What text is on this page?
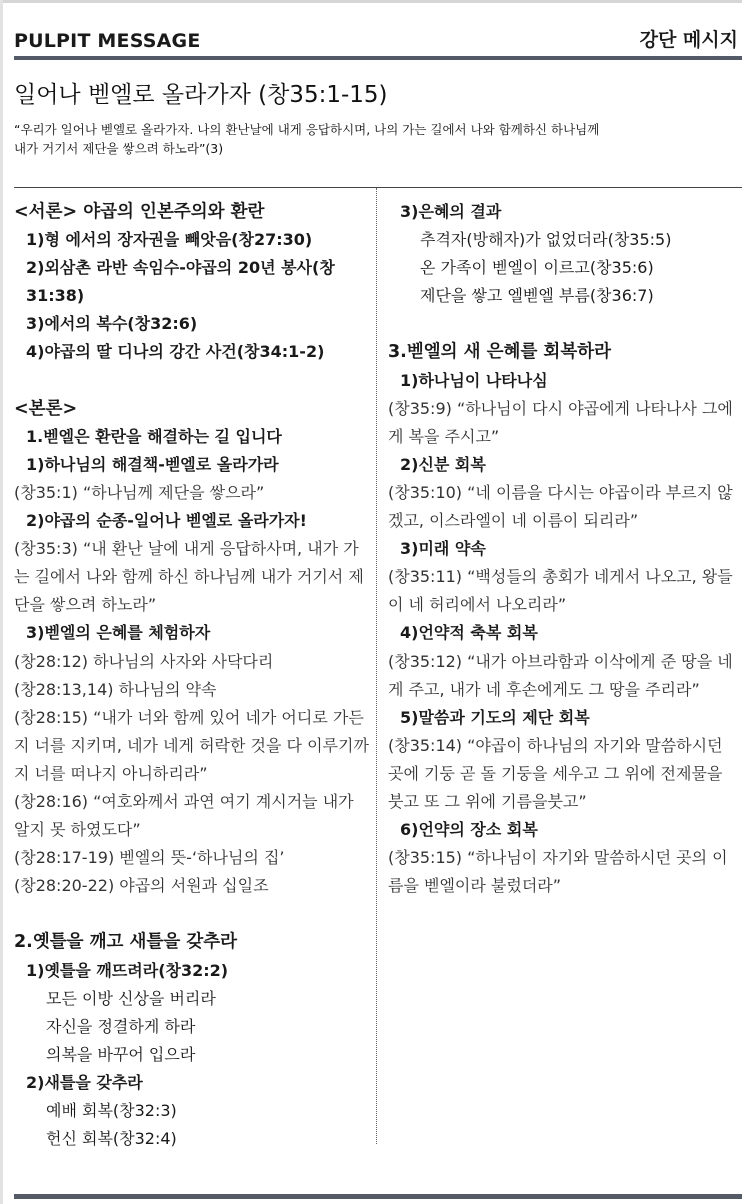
PULPIT MESSAGE	강단 메시지
일어나 벧엘로 올라가자 (창35:1-15)
“우리가 일어나 벧엘로 올라가자. 나의 환난날에 내게 응답하시며, 나의 가는 길에서 나와 함께하신 하나님께
내가 거기서 제단을 쌓으려 하노라”(3)
<서론> 야곱의 인본주의와 환란
1)형 에서의 장자권을 빼앗음(창27:30)
2)외삼촌 라반 속임수-야곱의 20년 봉사(창31:38)
3)에서의 복수(창32:6)
4)야곱의 딸 디나의 강간 사건(창34:1-2)
<본론>
1.벧엘은 환란을 해결하는 길 입니다
1)하나님의 해결책-벧엘로 올라가라
(창35:1) “하나님께 제단을 쌓으라”
2)야곱의 순종-일어나 벧엘로 올라가자!
(창35:3) “내 환난 날에 내게 응답하사며, 내가 가는 길에서 나와 함께 하신 하나님께 내가 거기서 제단을 쌓으려 하노라”
3)벧엘의 은혜를 체험하자
(창28:12) 하나님의 사자와 사닥다리
(창28:13,14) 하나님의 약속
(창28:15) “내가 너와 함께 있어 네가 어디로 가든지 너를 지키며, 네가 네게 허락한 것을 다 이루기까지 너를 떠나지 아니하리라”
(창28:16) “여호와께서 과연 여기 계시거늘 내가 알지 못 하였도다”
(창28:17-19) 벧엘의 뜻-‘하나님의 집’
(창28:20-22) 야곱의 서원과 십일조
2.옛틀을 깨고 새틀을 갖추라
1)옛틀을 깨뜨려라(창32:2)
모든 이방 신상을 버리라
자신을 정결하게 하라
의복을 바꾸어 입으라
2)새틀을 갖추라
예배 회복(창32:3)
헌신 회복(창32:4)
3)은혜의 결과
추격자(방해자)가 없었더라(창35:5)
온 가족이 벧엘이 이르고(창35:6)
제단을 쌓고 엘벧엘 부름(창36:7)
3.벧엘의 새 은혜를 회복하라
1)하나님이 나타나심
(창35:9) “하나님이 다시 야곱에게 나타나사 그에게 복을 주시고”
2)신분 회복
(창35:10) “네 이름을 다시는 야곱이라 부르지 않겠고, 이스라엘이 네 이름이 되리라”
3)미래 약속
(창35:11) “백성들의 총회가 네게서 나오고, 왕들이 네 허리에서 나오리라”
4)언약적 축복 회복
(창35:12) “내가 아브라함과 이삭에게 준 땅을 네게 주고, 내가 네 후손에게도 그 땅을 주리라”
5)말씀과 기도의 제단 회복
(창35:14) “야곱이 하나님의 자기와 말씀하시던 곳에 기둥 곧 돌 기둥을 세우고 그 위에 전제물을 붓고 또 그 위에 기름을붓고”
6)언약의 장소 회복
(창35:15) “하나님이 자기와 말씀하시던 곳의 이름을 벧엘이라 불렀더라”
